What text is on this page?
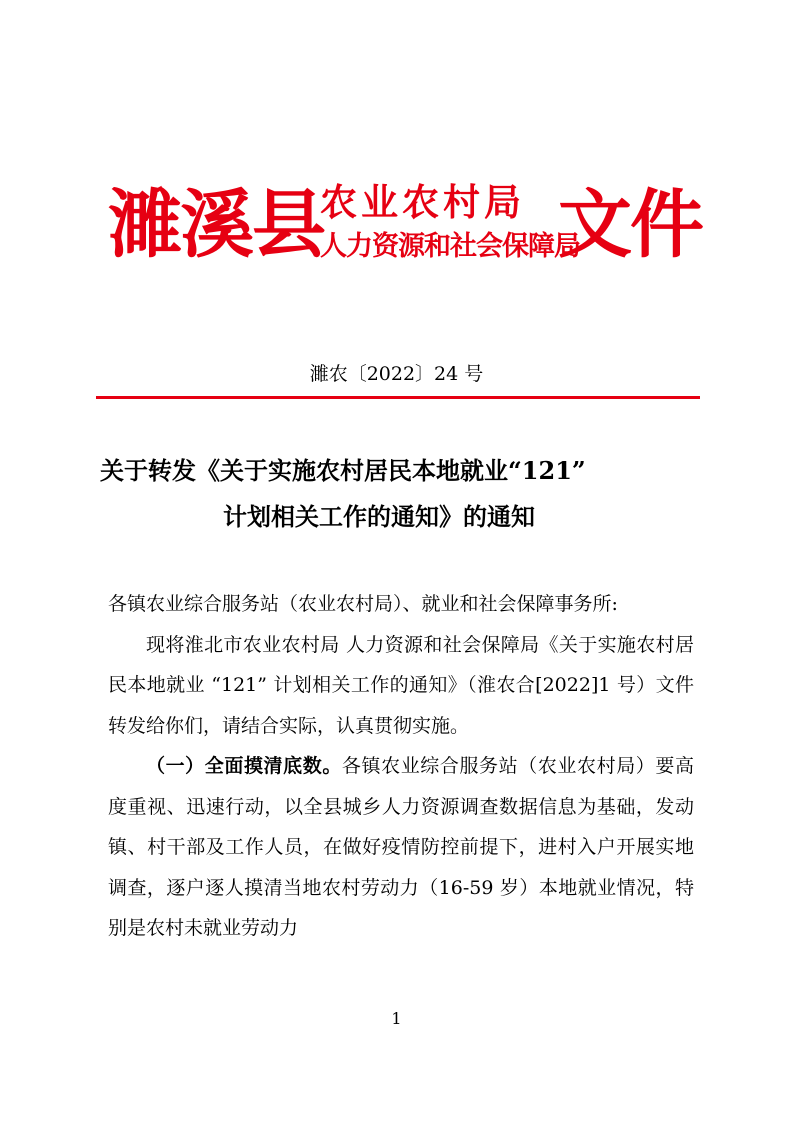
濉溪县
农业农村局
人力资源和社会保障局
文件
濉农〔2022〕24 号
关于转发《关于实施农村居民本地就业“121”
计划相关工作的通知》的通知

各镇农业综合服务站（农业农村局）、就业和社会保障事务所:

现将淮北市农业农村局 人力资源和社会保障局《关于实施农村居民本地就业 “121” 计划相关工作的通知》（淮农合[2022]1 号）文件转发给你们，请结合实际，认真贯彻实施。

（一）全面摸清底数。各镇农业综合服务站（农业农村局）要高度重视、迅速行动，以全县城乡人力资源调查数据信息为基础，发动镇、村干部及工作人员，在做好疫情防控前提下，进村入户开展实地调查，逐户逐人摸清当地农村劳动力（16-59 岁）本地就业情况，特别是农村未就业劳动力

1
